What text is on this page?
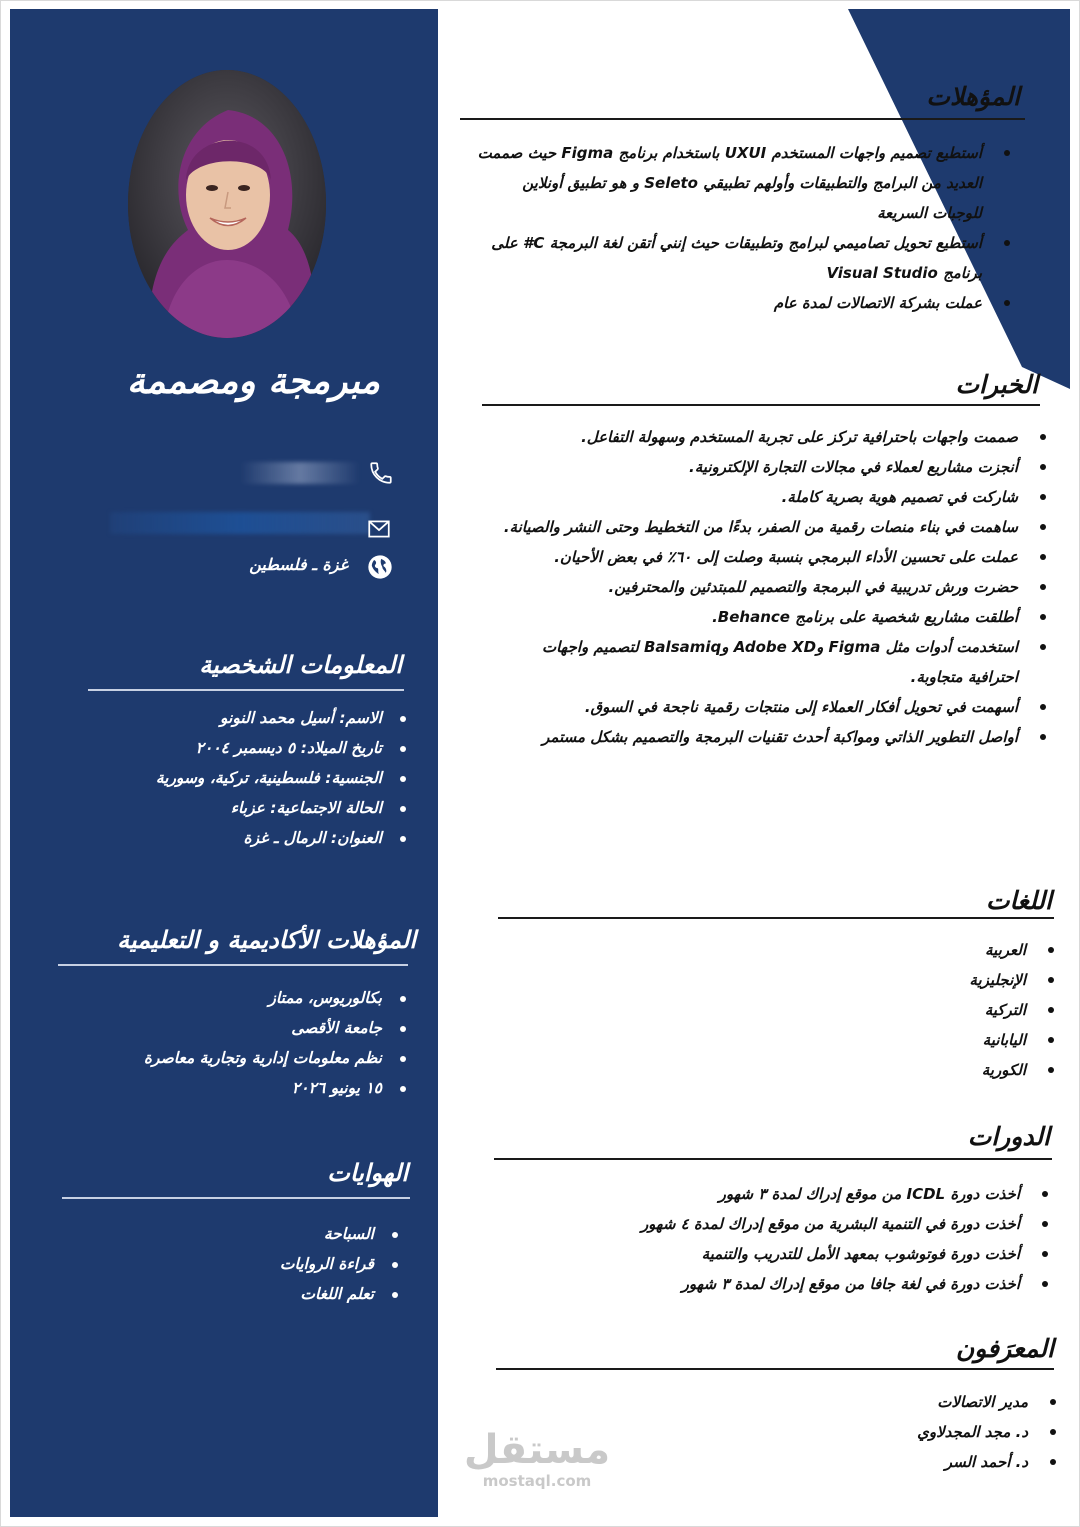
مبرمجة ومصممة
غزة ـ فلسطين
المعلومات الشخصية
الاسم: أسيل محمد النونو
تاريخ الميلاد: ٥ ديسمبر ٢٠٠٤
الجنسية: فلسطينية، تركية، وسورية
الحالة الاجتماعية: عزباء
العنوان: الرمال ـ غزة
المؤهلات الأكاديمية و التعليمية
بكالوريوس، ممتاز
جامعة الأقصى
نظم معلومات إدارية وتجارية معاصرة
١٥ يونيو ٢٠٢٦
الهوايات
السباحة
قراءة الروايات
تعلم اللغات
المؤهلات
أستطيع تصميم واجهات المستخدم UXUI باستخدام برنامج Figma حيث صممت العديد من البرامج والتطبيقات وأولهم تطبيقي Seleto و هو تطبيق أونلاين للوجبات السريعة
أستطيع تحويل تصاميمي لبرامج وتطبيقات حيث إنني أتقن لغة البرمجة C# على برنامج Visual Studio
عملت بشركة الاتصالات لمدة عام
الخبرات
صممت واجهات باحترافية تركز على تجربة المستخدم وسهولة التفاعل.
أنجزت مشاريع لعملاء في مجالات التجارة الإلكترونية.
شاركت في تصميم هوية بصرية كاملة.
ساهمت في بناء منصات رقمية من الصفر، بدءًا من التخطيط وحتى النشر والصيانة.
عملت على تحسين الأداء البرمجي بنسبة وصلت إلى ٦٠٪ في بعض الأحيان.
حضرت ورش تدريبية في البرمجة والتصميم للمبتدئين والمحترفين.
أطلقت مشاريع شخصية على برنامج Behance.
استخدمت أدوات مثل Figma وAdobe XD وBalsamiq لتصميم واجهات احترافية متجاوبة.
أسهمت في تحويل أفكار العملاء إلى منتجات رقمية ناجحة في السوق.
أواصل التطوير الذاتي ومواكبة أحدث تقنيات البرمجة والتصميم بشكل مستمر
اللغات
العربية
الإنجليزية
التركية
اليابانية
الكورية
الدورات
أخذت دورة ICDL من موقع إدراك لمدة ٣ شهور
أخذت دورة في التنمية البشرية من موقع إدراك لمدة ٤ شهور
أخذت دورة فوتوشوب بمعهد الأمل للتدريب والتنمية
أخذت دورة في لغة جافا من موقع إدراك لمدة ٣ شهور
المعرَفون
مدير الاتصالات
د. مجد المجدلاوي
د. أحمد السر
مستقل
mostaql.com
